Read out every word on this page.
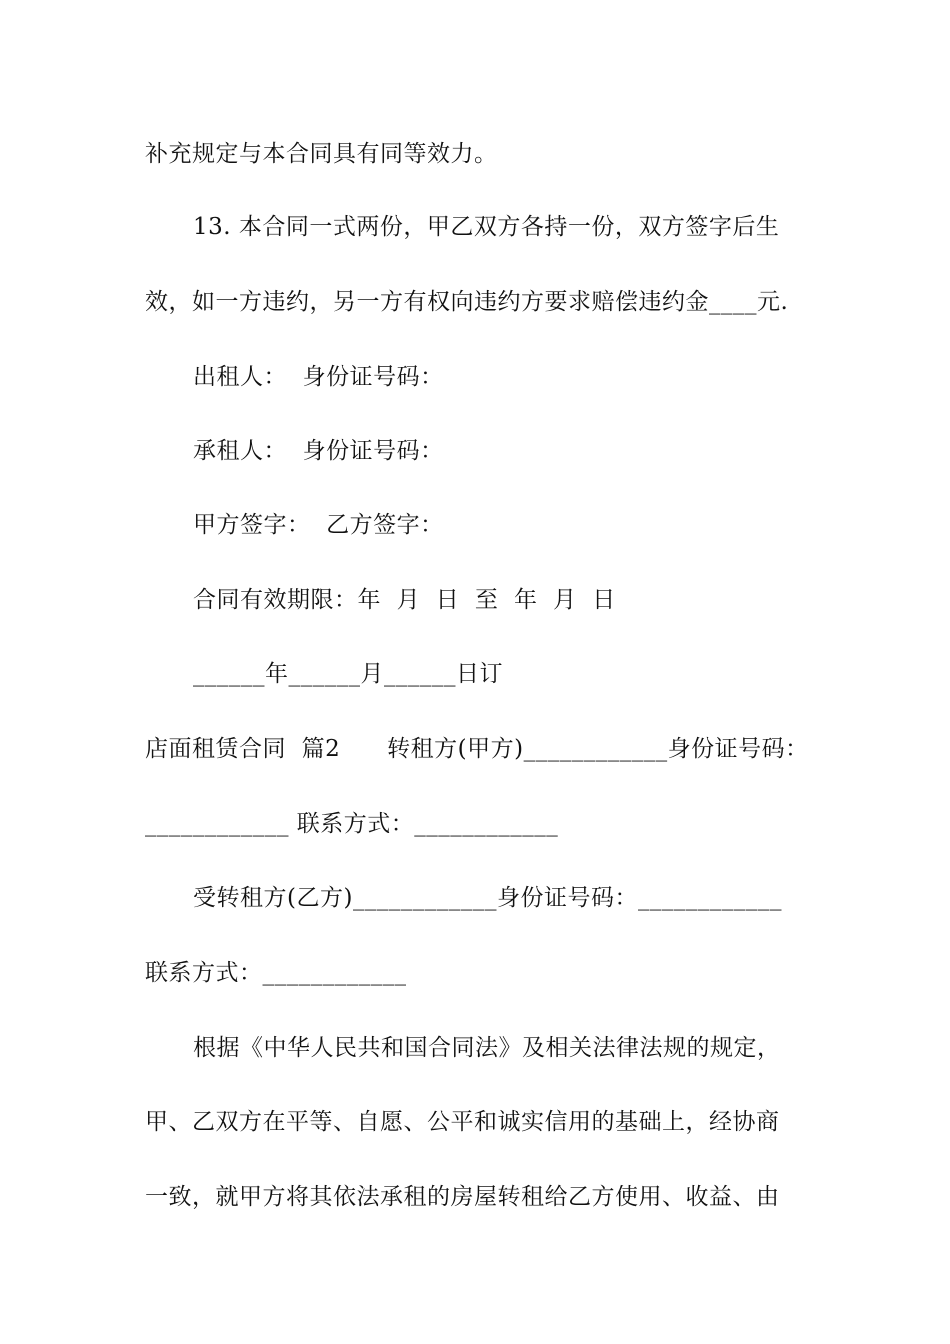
补充规定与本合同具有同等效力。
13. 本合同一式两份，甲乙双方各持一份，双方签字后生
效，如一方违约，另一方有权向违约方要求赔偿违约金____元.
出租人：  身份证号码：
承租人：  身份证号码：
甲方签字：  乙方签字：
合同有效期限：年  月  日  至  年  月  日
______年______月______日订
店面租赁合同  篇2      转租方(甲方)____________身份证号码：
____________ 联系方式：____________
受转租方(乙方)____________身份证号码：____________
联系方式：____________
根据《中华人民共和国合同法》及相关法律法规的规定，
甲、乙双方在平等、自愿、公平和诚实信用的基础上，经协商
一致，就甲方将其依法承租的房屋转租给乙方使用、收益、由
